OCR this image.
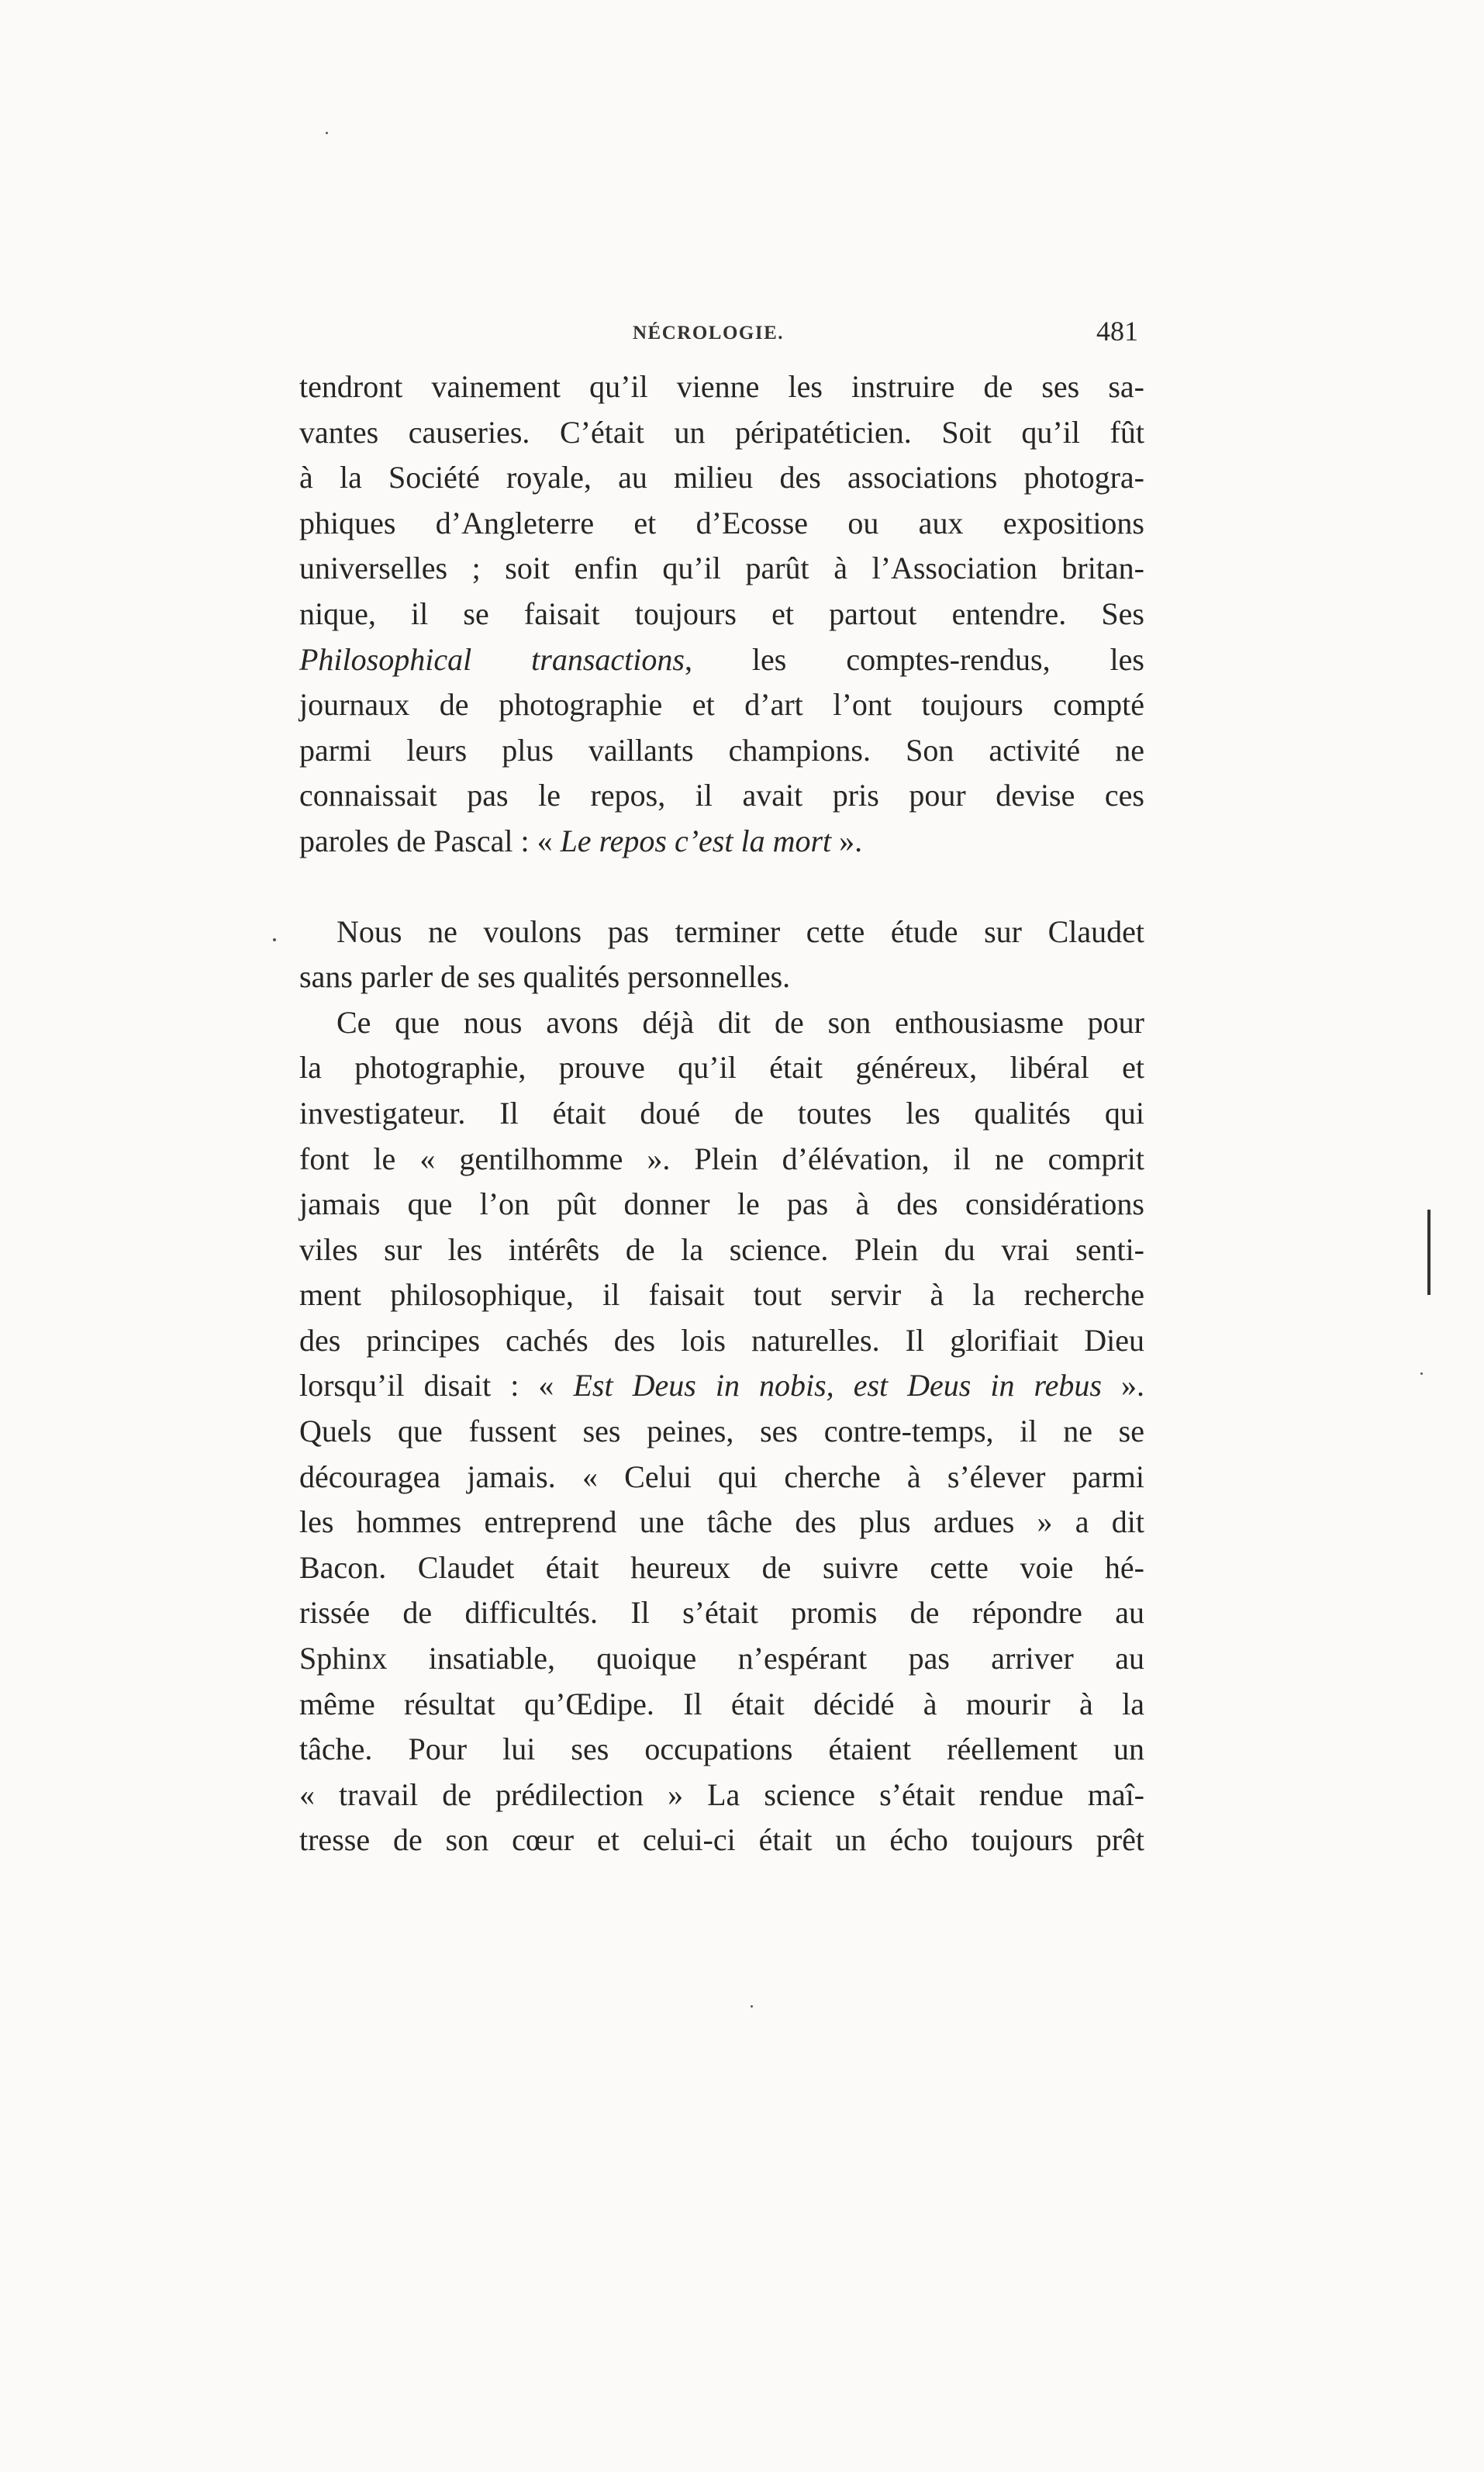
NÉCROLOGIE.	481
tendront vainement qu’il vienne les instruire de ses sa-
vantes causeries. C’était un péripatéticien. Soit qu’il fût
à la Société royale, au milieu des associations photogra-
phiques d’Angleterre et d’Ecosse ou aux expositions
universelles ; soit enfin qu’il parût à l’Association britan-
nique, il se faisait toujours et partout entendre. Ses
Philosophical transactions, les comptes-rendus, les
journaux de photographie et d’art l’ont toujours compté
parmi leurs plus vaillants champions. Son activité ne
connaissait pas le repos, il avait pris pour devise ces
paroles de Pascal : « Le repos c’est la mort ».
Nous ne voulons pas terminer cette étude sur Claudet
sans parler de ses qualités personnelles.
Ce que nous avons déjà dit de son enthousiasme pour
la photographie, prouve qu’il était généreux, libéral et
investigateur. Il était doué de toutes les qualités qui
font le « gentilhomme ». Plein d’élévation, il ne comprit
jamais que l’on pût donner le pas à des considérations
viles sur les intérêts de la science. Plein du vrai senti-
ment philosophique, il faisait tout servir à la recherche
des principes cachés des lois naturelles. Il glorifiait Dieu
lorsqu’il disait : « Est Deus in nobis, est Deus in rebus ».
Quels que fussent ses peines, ses contre-temps, il ne se
découragea jamais. « Celui qui cherche à s’élever parmi
les hommes entreprend une tâche des plus ardues » a dit
Bacon. Claudet était heureux de suivre cette voie hé-
rissée de difficultés. Il s’était promis de répondre au
Sphinx insatiable, quoique n’espérant pas arriver au
même résultat qu’Œdipe. Il était décidé à mourir à la
tâche. Pour lui ses occupations étaient réellement un
« travail de prédilection » La science s’était rendue maî-
tresse de son cœur et celui-ci était un écho toujours prêt
